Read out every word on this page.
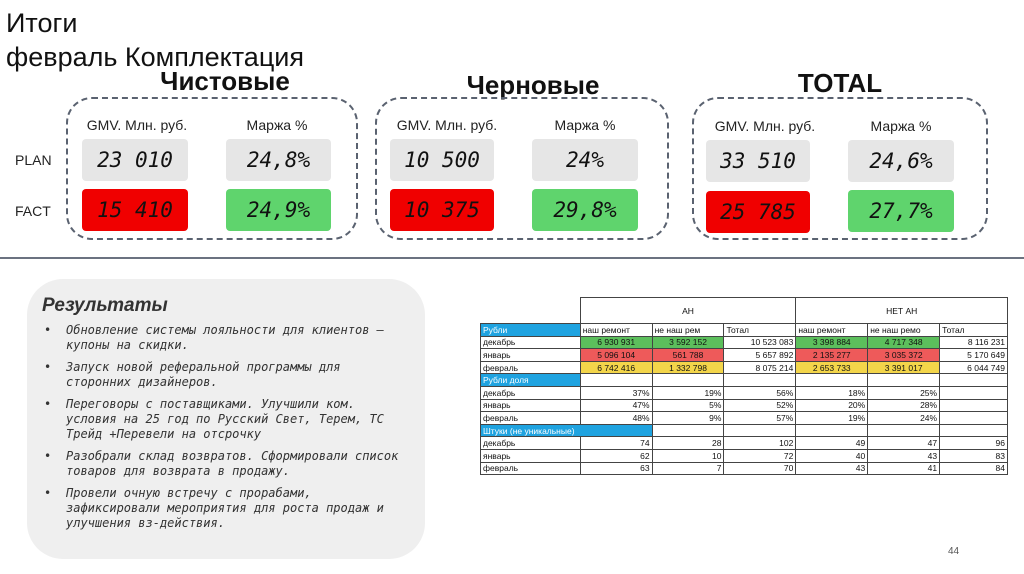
Итоги
февраль Комплектация
PLAN
FACT
Чистовые
GMV. Млн. руб.	Маржа %
23 010	24,8%
15 410	24,9%
Черновые
GMV. Млн. руб.	Маржа %
10 500	24%
10 375	29,8%
TOTAL
GMV. Млн. руб.	Маржа %
33 510	24,6%
25 785	27,7%
Результаты
• Обновление системы лояльности для клиентов – купоны на скидки.
• Запуск новой реферальной программы для сторонних дизайнеров.
• Переговоры с поставщиками. Улучшили ком. условия на 25 год по Русский Свет, Терем, ТС Трейд +Перевели на отсрочку
• Разобрали склад возвратов. Сформировали список товаров для возврата в продажу.
• Провели очную встречу с прорабами, зафиксировали мероприятия для роста продаж и улучшения вз-действия.
	АН			НЕТ АН		
Рубли	наш ремонт	не наш рем	Тотал	наш ремонт	не наш ремо	Тотал
декабрь	6 930 931	3 592 152	10 523 083	3 398 884	4 717 348	8 116 231
январь	5 096 104	561 788	5 657 892	2 135 277	3 035 372	5 170 649
февраль	6 742 416	1 332 798	8 075 214	2 653 733	3 391 017	6 044 749
Рубли доля						
декабрь	37%	19%	56%	18%	25%	
январь	47%	5%	52%	20%	28%	
февраль	48%	9%	57%	19%	24%	
Штуки (не уникальные)						
декабрь	74	28	102	49	47	96
январь	62	10	72	40	43	83
февраль	63	7	70	43	41	84
44
